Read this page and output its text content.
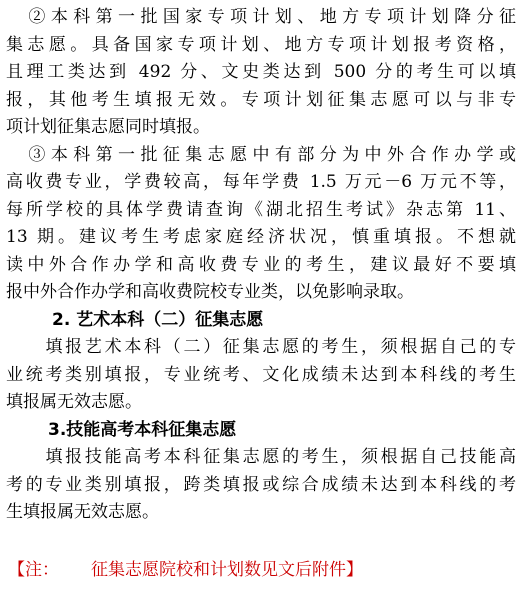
　②本科第一批国家专项计划、地方专项计划降分征
集志愿。具备国家专项计划、地方专项计划报考资格，
且理工类达到 492 分、文史类达到 500 分的考生可以填
报，其他考生填报无效。专项计划征集志愿可以与非专
项计划征集志愿同时填报。
　③本科第一批征集志愿中有部分为中外合作办学或
高收费专业，学费较高，每年学费 1.5 万元－6 万元不等，
每所学校的具体学费请查询《湖北招生考试》杂志第 11、
13 期。建议考生考虑家庭经济状况，慎重填报。不想就
读中外合作办学和高收费专业的考生，建议最好不要填
报中外合作办学和高收费院校专业类，以免影响录取。
2. 艺术本科（二）征集志愿
　　填报艺术本科（二）征集志愿的考生，须根据自己的专
业统考类别填报，专业统考、文化成绩未达到本科线的考生
填报属无效志愿。
3.技能高考本科征集志愿
　　填报技能高考本科征集志愿的考生，须根据自己技能高
考的专业类别填报，跨类填报或综合成绩未达到本科线的考
生填报属无效志愿。
【注： 征集志愿院校和计划数见文后附件】
